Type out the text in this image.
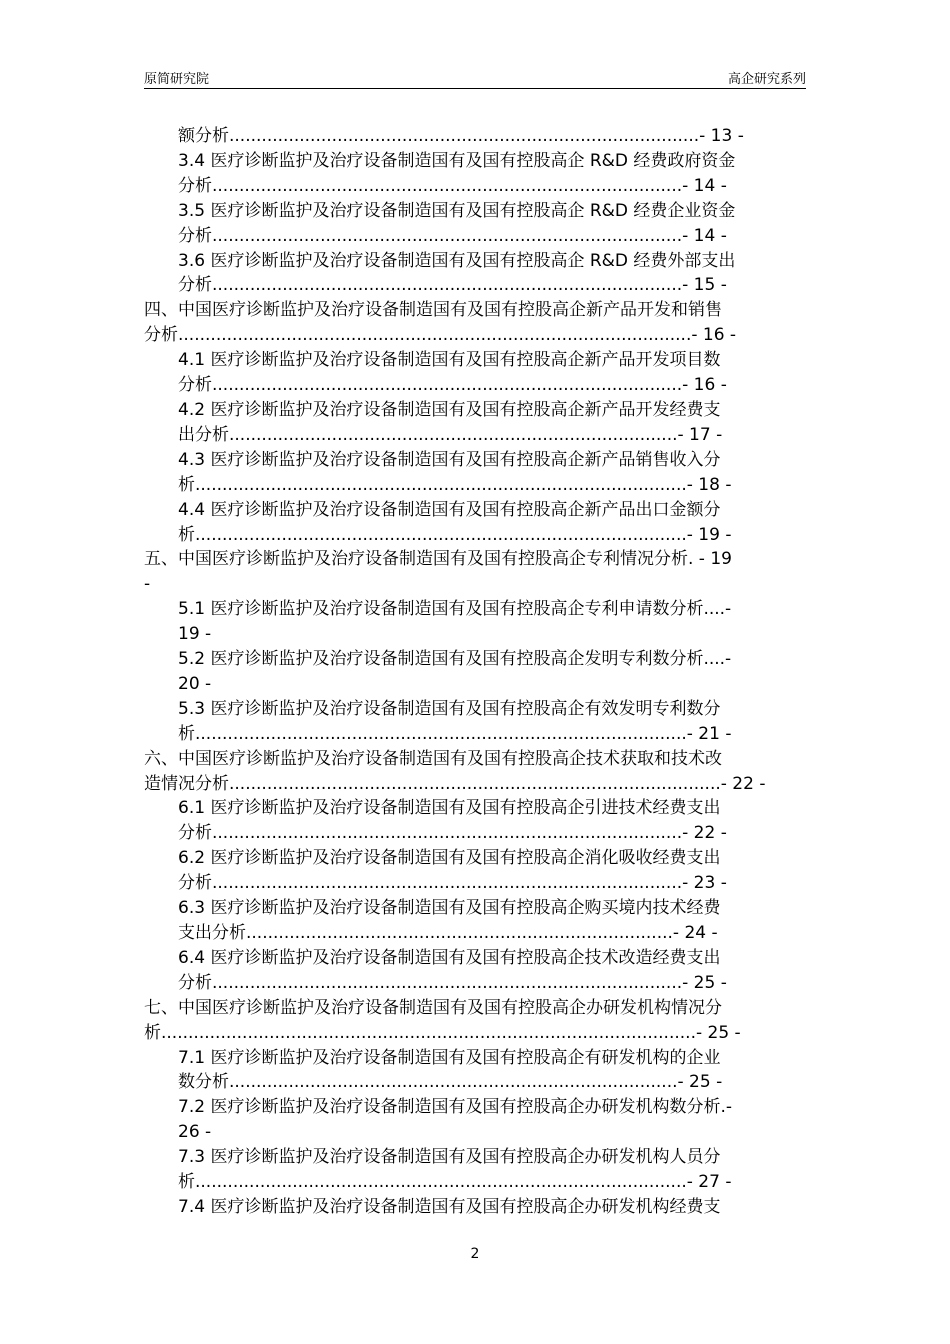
原简研究院	高企研究系列
额分析.......................................................................................- 13 -
3.4 医疗诊断监护及治疗设备制造国有及国有控股高企 R&D 经费政府资金
分析.......................................................................................- 14 -
3.5 医疗诊断监护及治疗设备制造国有及国有控股高企 R&D 经费企业资金
分析.......................................................................................- 14 -
3.6 医疗诊断监护及治疗设备制造国有及国有控股高企 R&D 经费外部支出
分析.......................................................................................- 15 -
四、中国医疗诊断监护及治疗设备制造国有及国有控股高企新产品开发和销售
分析...............................................................................................- 16 -
4.1 医疗诊断监护及治疗设备制造国有及国有控股高企新产品开发项目数
分析.......................................................................................- 16 -
4.2 医疗诊断监护及治疗设备制造国有及国有控股高企新产品开发经费支
出分析...................................................................................- 17 -
4.3 医疗诊断监护及治疗设备制造国有及国有控股高企新产品销售收入分
析...........................................................................................- 18 -
4.4 医疗诊断监护及治疗设备制造国有及国有控股高企新产品出口金额分
析...........................................................................................- 19 -
五、中国医疗诊断监护及治疗设备制造国有及国有控股高企专利情况分析. - 19
-
5.1 医疗诊断监护及治疗设备制造国有及国有控股高企专利申请数分析....-
19 -
5.2 医疗诊断监护及治疗设备制造国有及国有控股高企发明专利数分析....-
20 -
5.3 医疗诊断监护及治疗设备制造国有及国有控股高企有效发明专利数分
析...........................................................................................- 21 -
六、中国医疗诊断监护及治疗设备制造国有及国有控股高企技术获取和技术改
造情况分析...........................................................................................- 22 -
6.1 医疗诊断监护及治疗设备制造国有及国有控股高企引进技术经费支出
分析.......................................................................................- 22 -
6.2 医疗诊断监护及治疗设备制造国有及国有控股高企消化吸收经费支出
分析.......................................................................................- 23 -
6.3 医疗诊断监护及治疗设备制造国有及国有控股高企购买境内技术经费
支出分析...............................................................................- 24 -
6.4 医疗诊断监护及治疗设备制造国有及国有控股高企技术改造经费支出
分析.......................................................................................- 25 -
七、中国医疗诊断监护及治疗设备制造国有及国有控股高企办研发机构情况分
析...................................................................................................- 25 -
7.1 医疗诊断监护及治疗设备制造国有及国有控股高企有研发机构的企业
数分析...................................................................................- 25 -
7.2 医疗诊断监护及治疗设备制造国有及国有控股高企办研发机构数分析.-
26 -
7.3 医疗诊断监护及治疗设备制造国有及国有控股高企办研发机构人员分
析...........................................................................................- 27 -
7.4 医疗诊断监护及治疗设备制造国有及国有控股高企办研发机构经费支
2
